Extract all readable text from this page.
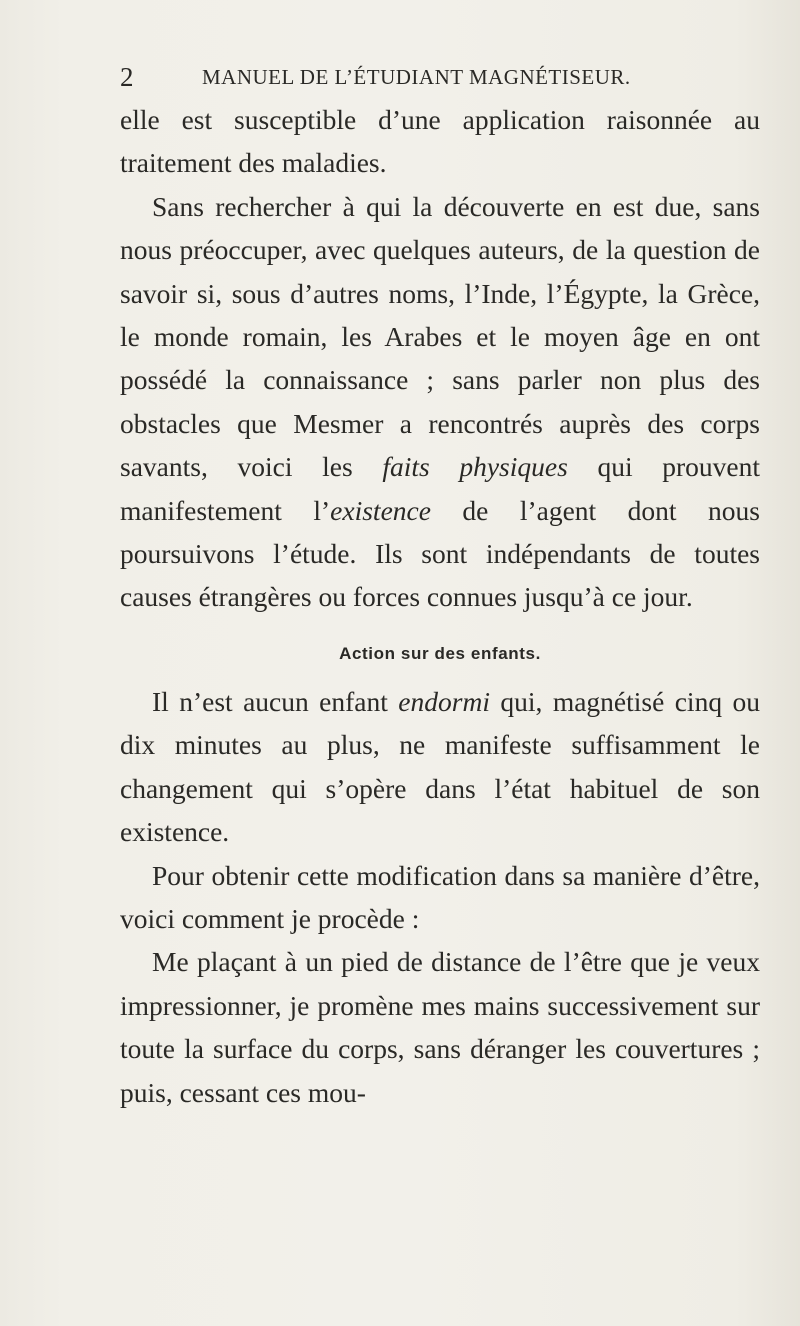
2	MANUEL DE L’ÉTUDIANT MAGNÉTISEUR.

elle est susceptible d’une application raisonnée au traitement des maladies.

Sans rechercher à qui la découverte en est due, sans nous préoccuper, avec quelques auteurs, de la question de savoir si, sous d’autres noms, l’Inde, l’Égypte, la Grèce, le monde romain, les Arabes et le moyen âge en ont possédé la connaissance ; sans parler non plus des obstacles que Mesmer a rencontrés auprès des corps savants, voici les faits physiques qui prouvent manifestement l’existence de l’agent dont nous poursuivons l’étude. Ils sont indépendants de toutes causes étrangères ou forces connues jusqu’à ce jour.

Action sur des enfants.

Il n’est aucun enfant endormi qui, magnétisé cinq ou dix minutes au plus, ne manifeste suffisamment le changement qui s’opère dans l’état habituel de son existence.

Pour obtenir cette modification dans sa manière d’être, voici comment je procède :

Me plaçant à un pied de distance de l’être que je veux impressionner, je promène mes mains successivement sur toute la surface du corps, sans déranger les couvertures ; puis, cessant ces mou-
